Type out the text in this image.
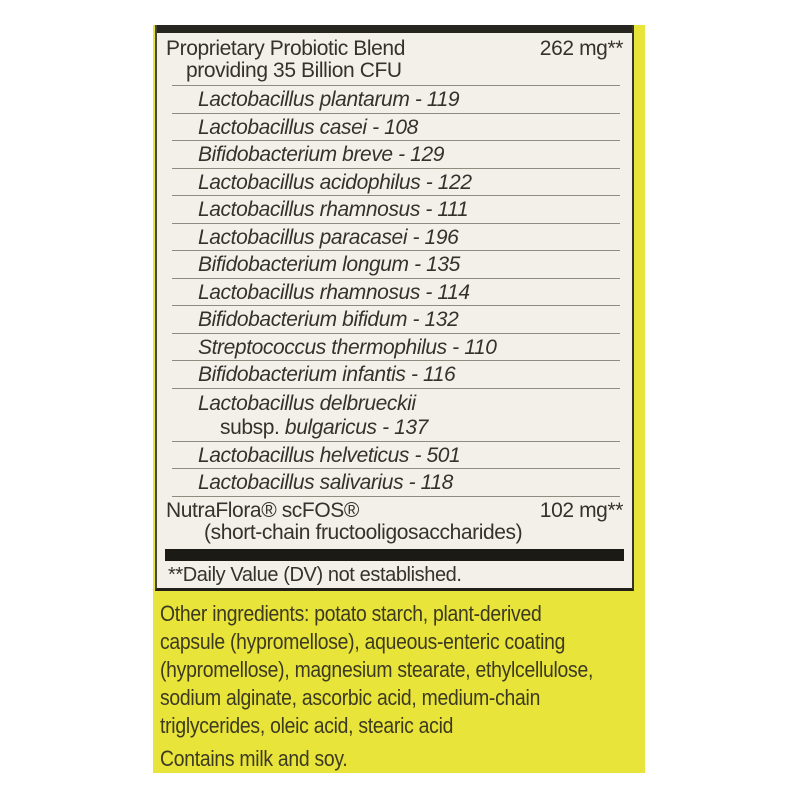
Proprietary Probiotic Blend	262 mg**
providing 35 Billion CFU
Lactobacillus plantarum - 119
Lactobacillus casei - 108
Bifidobacterium breve - 129
Lactobacillus acidophilus - 122
Lactobacillus rhamnosus - 111
Lactobacillus paracasei - 196
Bifidobacterium longum - 135
Lactobacillus rhamnosus - 114
Bifidobacterium bifidum - 132
Streptococcus thermophilus - 110
Bifidobacterium infantis - 116
Lactobacillus delbrueckii
subsp. bulgaricus - 137
Lactobacillus helveticus - 501
Lactobacillus salivarius - 118
NutraFlora® scFOS®	102 mg**
(short-chain fructooligosaccharides)
**Daily Value (DV) not established.
Other ingredients: potato starch, plant-derived
capsule (hypromellose), aqueous-enteric coating
(hypromellose), magnesium stearate, ethylcellulose,
sodium alginate, ascorbic acid, medium-chain
triglycerides, oleic acid, stearic acid
Contains milk and soy.
